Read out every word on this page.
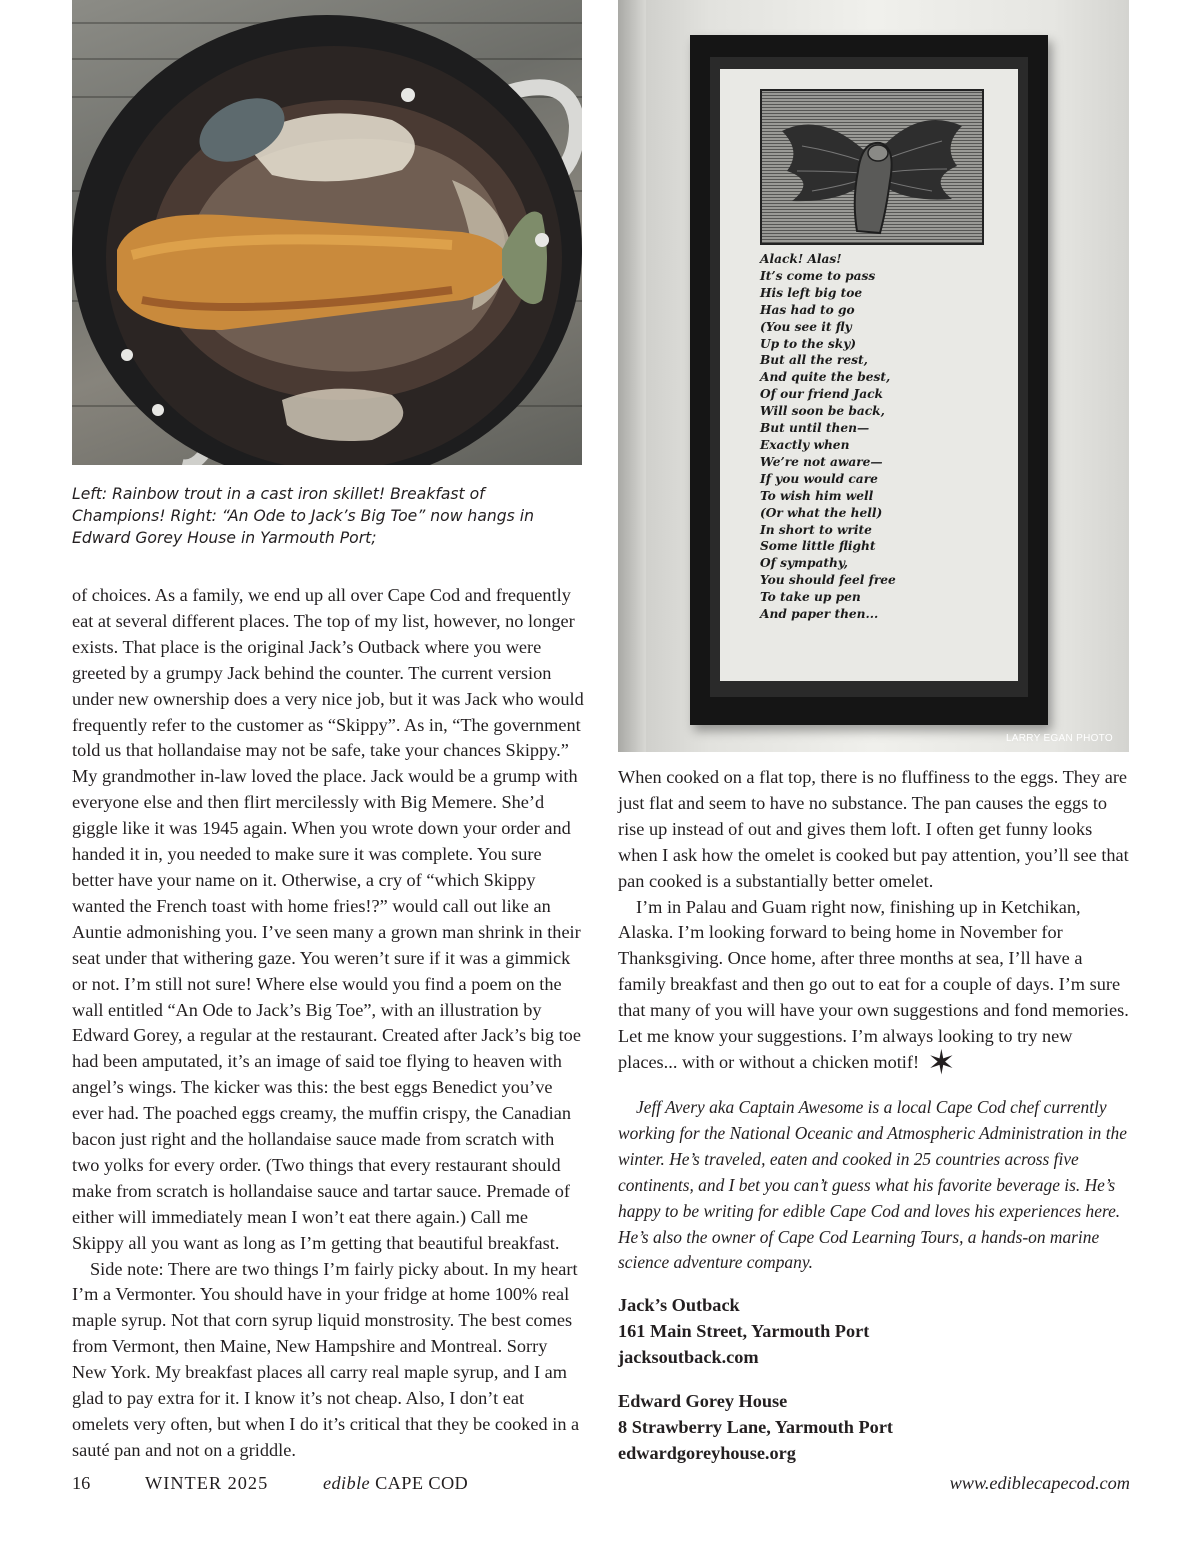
Alack! Alas!
It’s come to pass
His left big toe
Has had to go
(You see it fly
Up to the sky)
But all the rest,
And quite the best,
Of our friend Jack
Will soon be back,
But until then—
Exactly when
We’re not aware—
If you would care
To wish him well
(Or what the hell)
In short to write
Some little flight
Of sympathy,
You should feel free
To take up pen
And paper then...
LARRY EGAN PHOTO
Left: Rainbow trout in a cast iron skillet! Breakfast of Champions! Right: “An Ode to Jack’s Big Toe” now hangs in Edward Gorey House in Yarmouth Port;

of choices. As a family, we end up all over Cape Cod and frequently eat at several different places. The top of my list, however, no longer exists. That place is the original Jack’s Outback where you were greeted by a grumpy Jack behind the counter. The current version under new ownership does a very nice job, but it was Jack who would frequently refer to the customer as “Skippy”. As in, “The government told us that hollandaise may not be safe, take your chances Skippy.” My grandmother in-law loved the place. Jack would be a grump with everyone else and then flirt mercilessly with Big Memere. She’d giggle like it was 1945 again. When you wrote down your order and handed it in, you needed to make sure it was complete. You sure better have your name on it. Otherwise, a cry of “which Skippy wanted the French toast with home fries!?” would call out like an Auntie admonishing you. I’ve seen many a grown man shrink in their seat under that withering gaze. You weren’t sure if it was a gimmick or not. I’m still not sure! Where else would you find a poem on the wall entitled “An Ode to Jack’s Big Toe”, with an illustration by Edward Gorey, a regular at the restaurant. Created after Jack’s big toe had been amputated, it’s an image of said toe flying to heaven with angel’s wings. The kicker was this: the best eggs Benedict you’ve ever had. The poached eggs creamy, the muffin crispy, the Canadian bacon just right and the hollandaise sauce made from scratch with two yolks for every order. (Two things that every restaurant should make from scratch is hollandaise sauce and tartar sauce. Premade of either will immediately mean I won’t eat there again.) Call me Skippy all you want as long as I’m getting that beautiful breakfast.

Side note: There are two things I’m fairly picky about. In my heart I’m a Vermonter. You should have in your fridge at home 100% real maple syrup. Not that corn syrup liquid monstrosity. The best comes from Vermont, then Maine, New Hampshire and Montreal. Sorry New York. My breakfast places all carry real maple syrup, and I am glad to pay extra for it. I know it’s not cheap. Also, I don’t eat omelets very often, but when I do it’s critical that they be cooked in a sauté pan and not on a griddle.

When cooked on a flat top, there is no fluffiness to the eggs. They are just flat and seem to have no substance. The pan causes the eggs to rise up instead of out and gives them loft. I often get funny looks when I ask how the omelet is cooked but pay attention, you’ll see that pan cooked is a substantially better omelet.

I’m in Palau and Guam right now, finishing up in Ketchikan, Alaska. I’m looking forward to being home in November for Thanksgiving. Once home, after three months at sea, I’ll have a family breakfast and then go out to eat for a couple of days. I’m sure that many of you will have your own suggestions and fond memories. Let me know your suggestions. I’m always looking to try new places... with or without a chicken motif! ✶

Jeff Avery aka Captain Awesome is a local Cape Cod chef currently working for the National Oceanic and Atmospheric Administration in the winter. He’s traveled, eaten and cooked in 25 countries across five continents, and I bet you can’t guess what his favorite beverage is. He’s happy to be writing for edible Cape Cod and loves his experiences here. He’s also the owner of Cape Cod Learning Tours, a hands-on marine science adventure company.
Jack’s Outback
161 Main Street, Yarmouth Port
jacksoutback.com
Edward Gorey House
8 Strawberry Lane, Yarmouth Port
edwardgoreyhouse.org
16	WINTER 2025	edible CAPE COD	www.ediblecapecod.com
